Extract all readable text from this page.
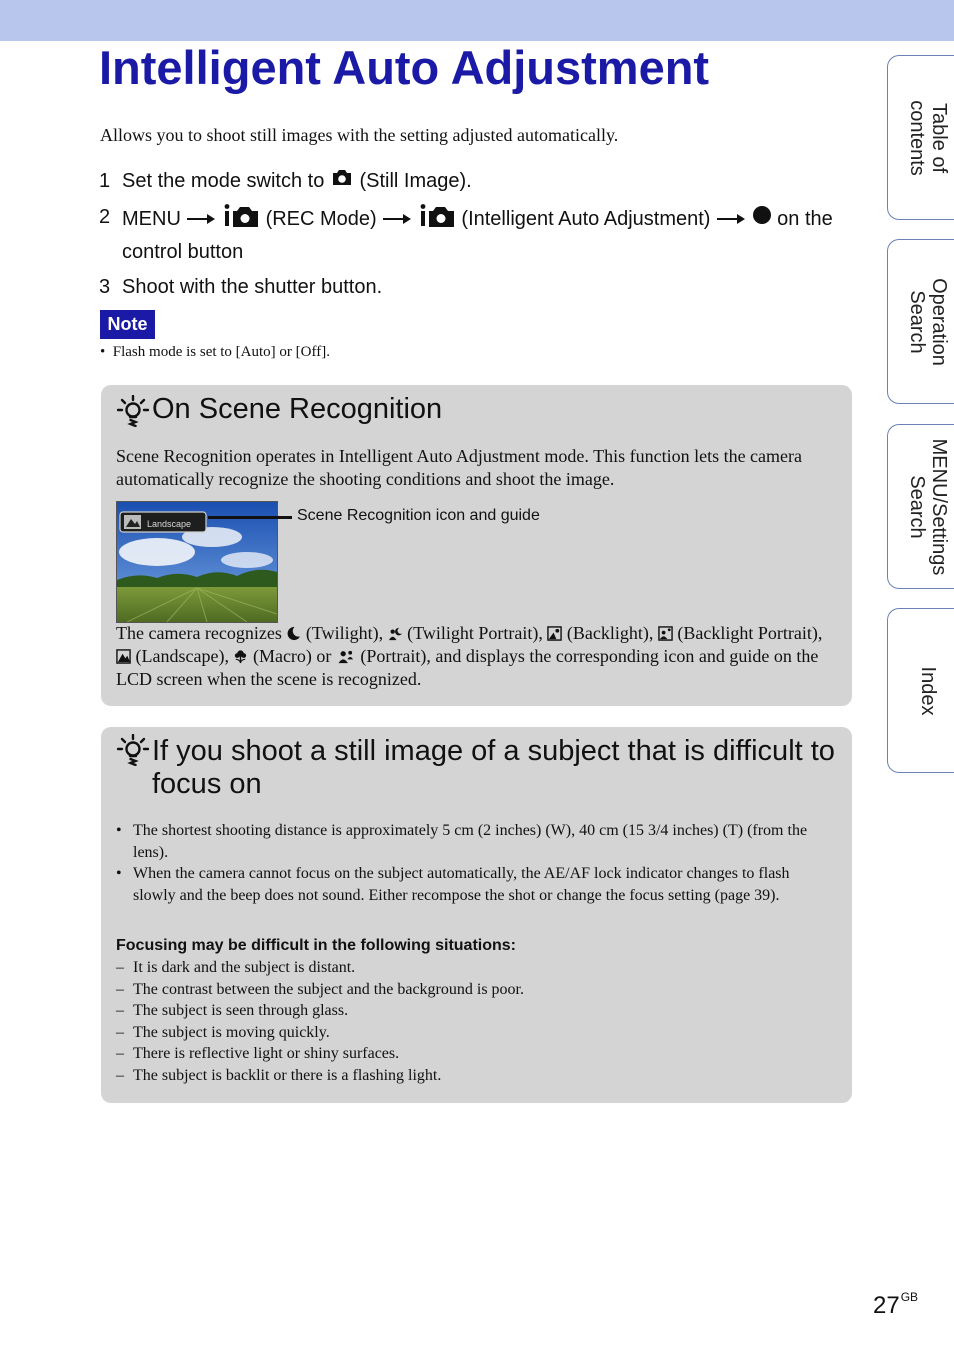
Intelligent Auto Adjustment
Allows you to shoot still images with the setting adjusted automatically.
1 Set the mode switch to (Still Image).
2 MENU	(REC Mode)	(Intelligent Auto Adjustment)	on the control button
3 Shoot with the shutter button.
Note
•  Flash mode is set to [Auto] or [Off].
On Scene Recognition
Scene Recognition operates in Intelligent Auto Adjustment mode. This function lets the camera automatically recognize the shooting conditions and shoot the image.
Landscape	Scene Recognition icon and guide
The camera recognizes (Twilight), (Twilight Portrait), (Backlight), (Backlight Portrait),  (Landscape), (Macro) or (Portrait), and displays the corresponding icon and guide on the LCD screen when the scene is recognized.
If you shoot a still image of a subject that is difficult to focus on
• The shortest shooting distance is approximately 5 cm (2 inches) (W), 40 cm (15 3/4 inches) (T) (from the lens).
• When the camera cannot focus on the subject automatically, the AE/AF lock indicator changes to flash slowly and the beep does not sound. Either recompose the shot or change the focus setting (page 39).
Focusing may be difficult in the following situations:
– It is dark and the subject is distant.
– The contrast between the subject and the background is poor.
– The subject is seen through glass.
– The subject is moving quickly.
– There is reflective light or shiny surfaces.
– The subject is backlit or there is a flashing light.
Table of
contents
Operation
Search
MENU/Settings
Search
Index
$27^{GB}$
